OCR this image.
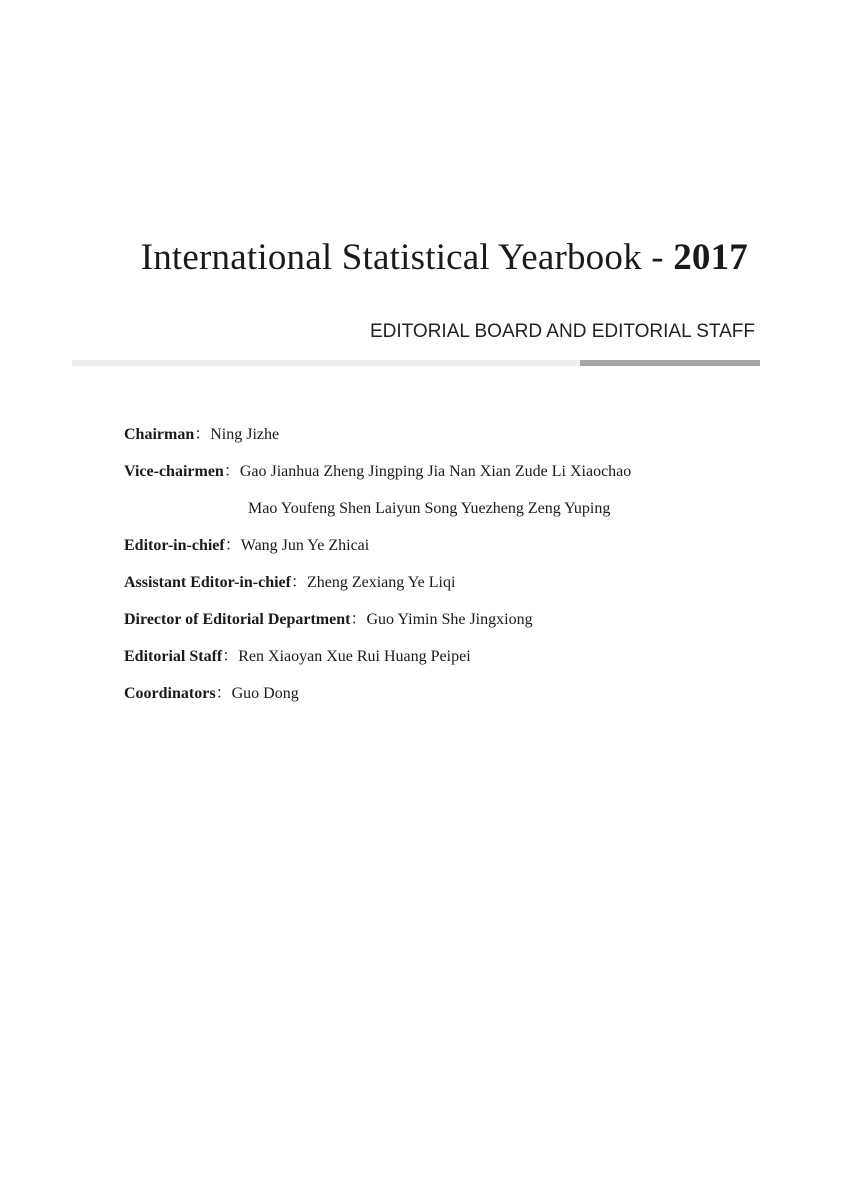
International Statistical Yearbook - 2017
EDITORIAL BOARD AND EDITORIAL STAFF
Chairman：Ning Jizhe
Vice-chairmen：Gao Jianhua Zheng Jingping Jia Nan Xian Zude Li Xiaochao
Mao Youfeng Shen Laiyun Song Yuezheng Zeng Yuping
Editor-in-chief：Wang Jun Ye Zhicai
Assistant Editor-in-chief：Zheng Zexiang Ye Liqi
Director of Editorial Department：Guo Yimin She Jingxiong
Editorial Staff：Ren Xiaoyan Xue Rui Huang Peipei
Coordinators：Guo Dong
